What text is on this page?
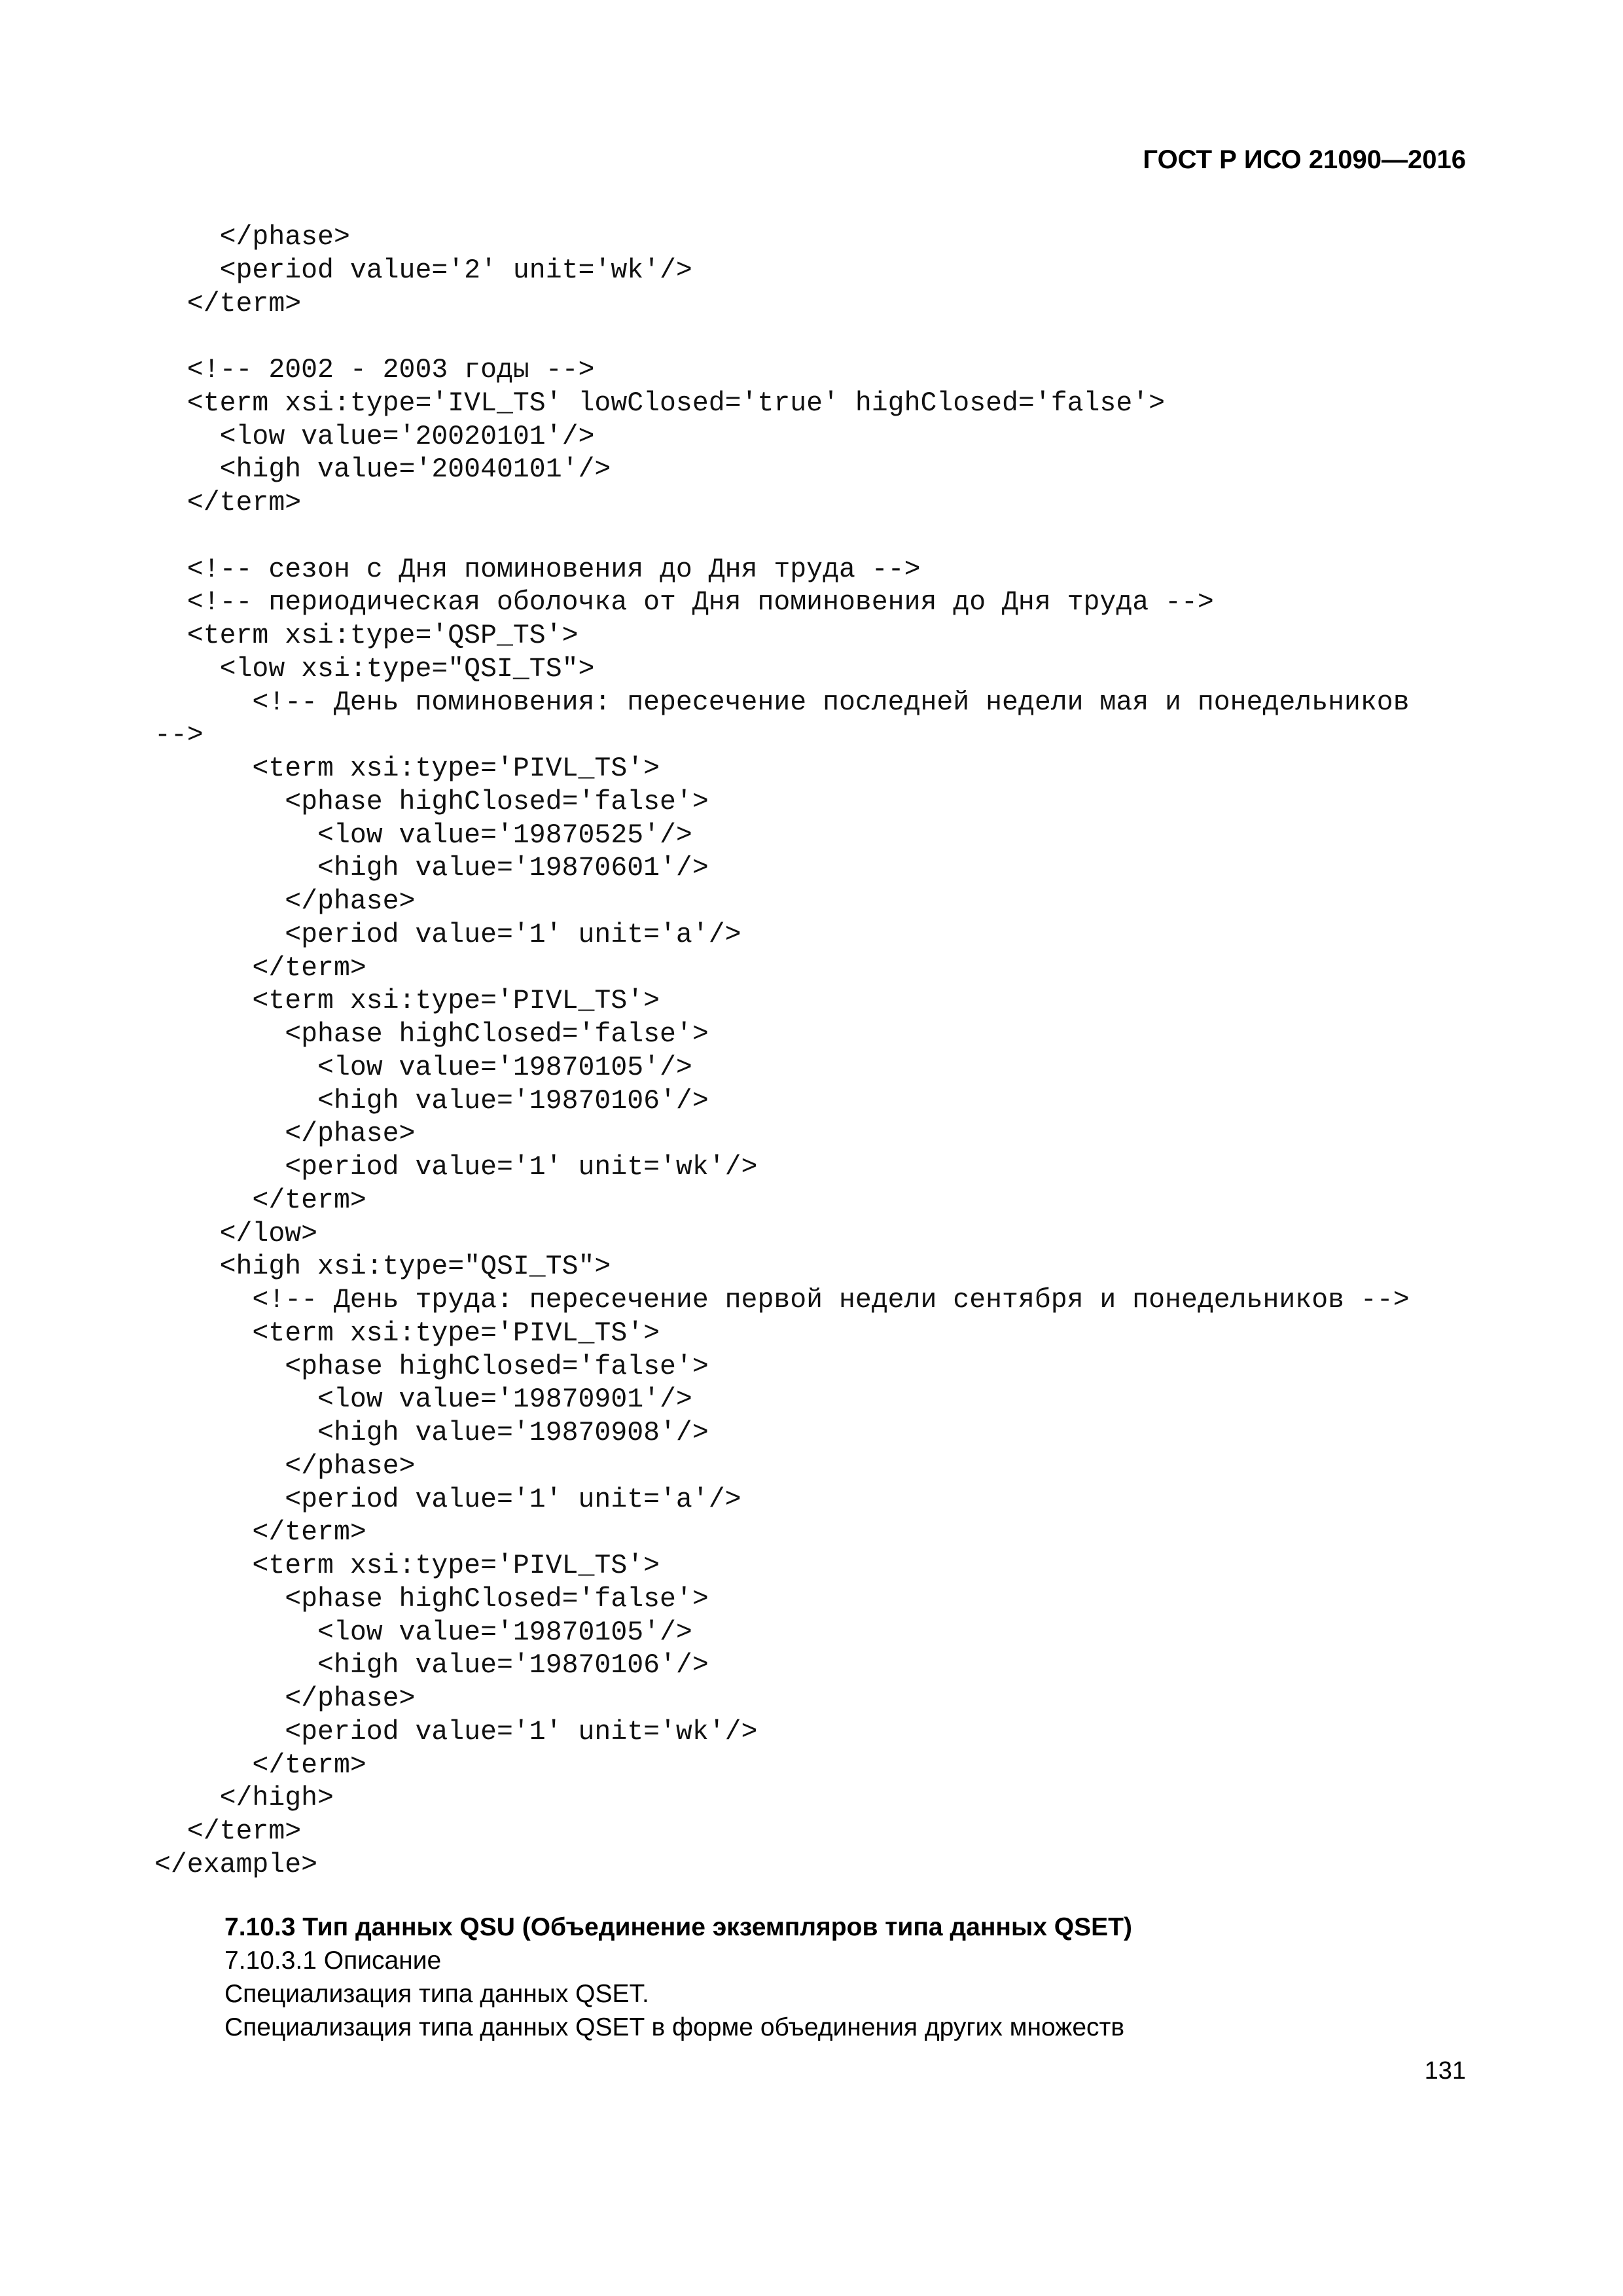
ГОСТ Р ИСО 21090—2016

</phase>
<period value='2' unit='wk'/>
</term>
<!-- 2002 - 2003 годы -->
<term xsi:type='IVL_TS' lowClosed='true' highClosed='false'>
<low value='20020101'/>
<high value='20040101'/>
</term>
<!-- сезон с Дня поминовения до Дня труда -->
<!-- периодическая оболочка от Дня поминовения до Дня труда -->
<term xsi:type='QSP_TS'>
<low xsi:type="QSI_TS">
<!-- День поминовения: пересечение последней недели мая и понедельников
-->
<term xsi:type='PIVL_TS'>
<phase highClosed='false'>
<low value='19870525'/>
<high value='19870601'/>
</phase>
<period value='1' unit='a'/>
</term>
<term xsi:type='PIVL_TS'>
<phase highClosed='false'>
<low value='19870105'/>
<high value='19870106'/>
</phase>
<period value='1' unit='wk'/>
</term>
</low>
<high xsi:type="QSI_TS">
<!-- День труда: пересечение первой недели сентября и понедельников -->
<term xsi:type='PIVL_TS'>
<phase highClosed='false'>
<low value='19870901'/>
<high value='19870908'/>
</phase>
<period value='1' unit='a'/>
</term>
<term xsi:type='PIVL_TS'>
<phase highClosed='false'>
<low value='19870105'/>
<high value='19870106'/>
</phase>
<period value='1' unit='wk'/>
</term>
</high>
</term>
</example>

7.10.3 Тип данных QSU (Объединение экземпляров типа данных QSET)

7.10.3.1 Описание

Специализация типа данных QSET.

Специализация типа данных QSET в форме объединения других множеств

131
